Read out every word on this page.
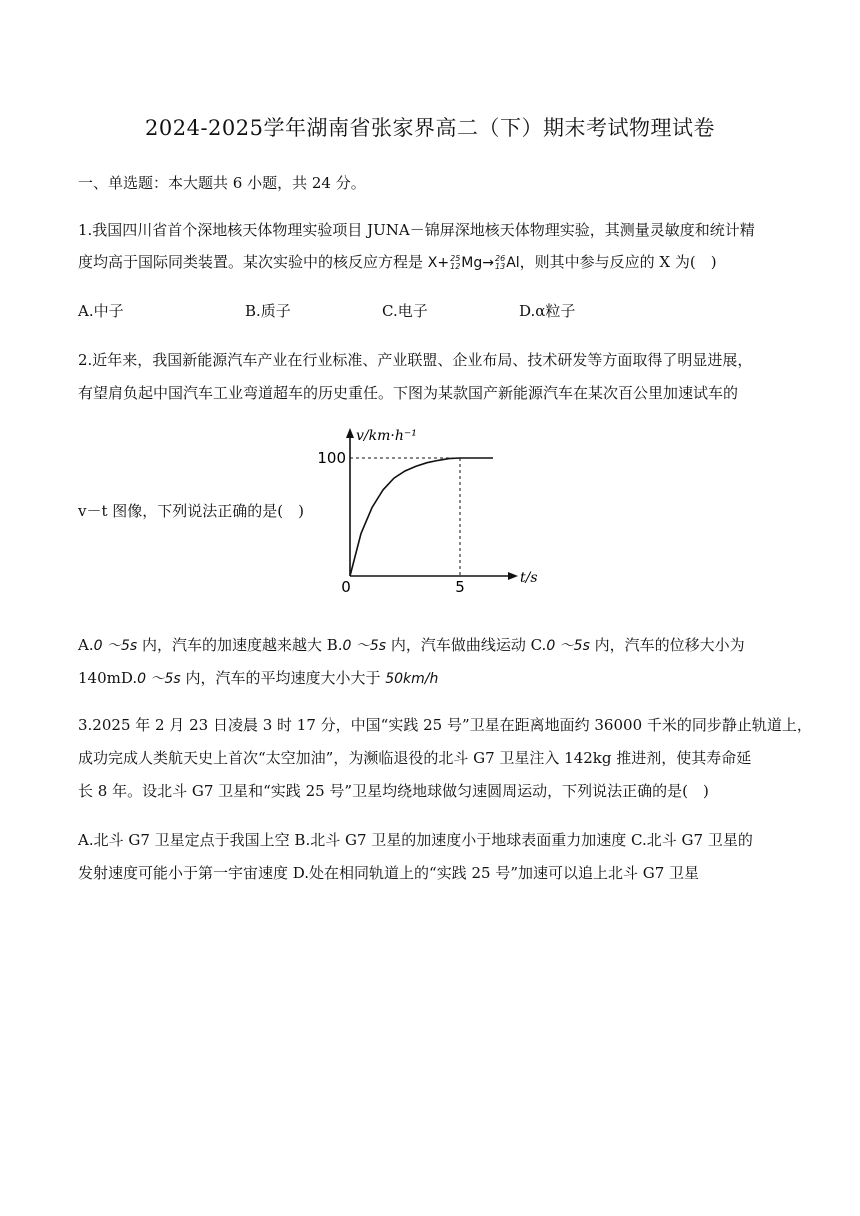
2024-2025学年湖南省张家界高二（下）期末考试物理试卷
一、单选题：本大题共 6 小题，共 24 分。
1.我国四川省首个深地核天体物理实验项目 JUNA－锦屏深地核天体物理实验，其测量灵敏度和统计精
度均高于国际同类装置。某次实验中的核反应方程是 X+ 25
12 Mg → 26
13 Al ，则其中参与反应的 X 为(　)
A.中子	B.质子	C.电子	D.α粒子
2.近年来，我国新能源汽车产业在行业标准、产业联盟、企业布局、技术研发等方面取得了明显进展，
有望肩负起中国汽车工业弯道超车的历史重任。下图为某款国产新能源汽车在某次百公里加速试车的
v－t 图像，下列说法正确的是(　)
v/km·h⁻¹
t/s
0	5
100
A.0 ～5s 内，汽车的加速度越来越大 B.0 ～5s 内，汽车做曲线运动 C.0 ～5s 内，汽车的位移大小为
140mD.0 ～5s 内，汽车的平均速度大小大于 50km/h
3.2025 年 2 月 23 日凌晨 3 时 17 分，中国“实践 25 号”卫星在距离地面约 36000 千米的同步静止轨道上，
成功完成人类航天史上首次“太空加油”，为濒临退役的北斗 G7 卫星注入 142kg 推进剂，使其寿命延
长 8 年。设北斗 G7 卫星和“实践 25 号”卫星均绕地球做匀速圆周运动，下列说法正确的是(　)
A.北斗 G7 卫星定点于我国上空 B.北斗 G7 卫星的加速度小于地球表面重力加速度 C.北斗 G7 卫星的
发射速度可能小于第一宇宙速度 D.处在相同轨道上的“实践 25 号”加速可以追上北斗 G7 卫星
